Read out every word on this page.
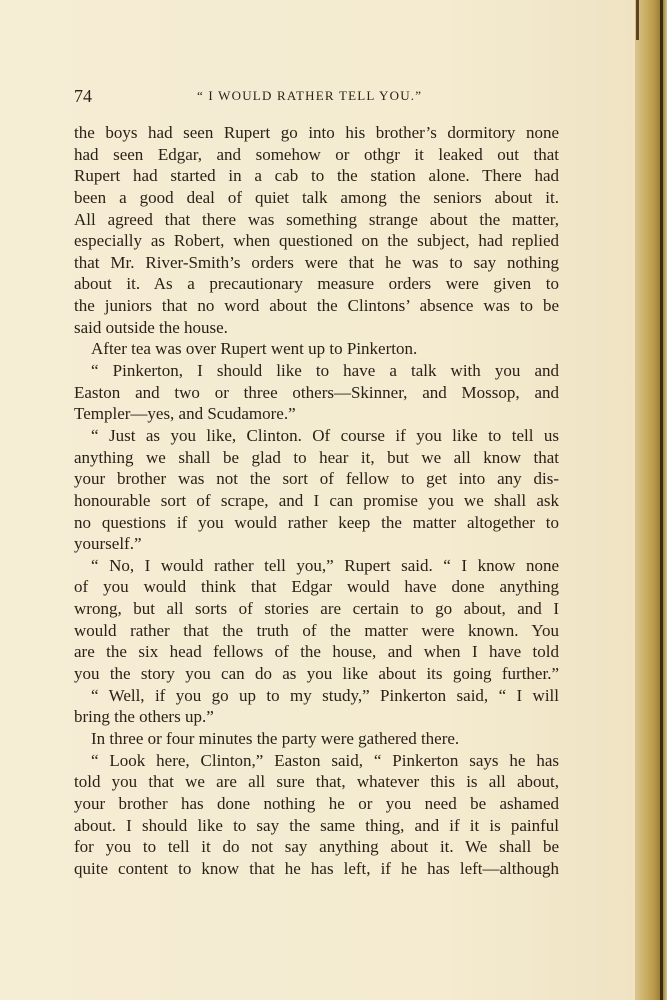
74	“ I WOULD RATHER TELL YOU.”
the boys had seen Rupert go into his brother’s dormitory none
had seen Edgar, and somehow or othgr it leaked out that
Rupert had started in a cab to the station alone. There had
been a good deal of quiet talk among the seniors about it.
All agreed that there was something strange about the matter,
especially as Robert, when questioned on the subject, had replied
that Mr. River-Smith’s orders were that he was to say nothing
about it. As a precautionary measure orders were given to
the juniors that no word about the Clintons’ absence was to be
said outside the house.
After tea was over Rupert went up to Pinkerton.
“ Pinkerton, I should like to have a talk with you and
Easton and two or three others—Skinner, and Mossop, and
Templer—yes, and Scudamore.”
“ Just as you like, Clinton. Of course if you like to tell us
anything we shall be glad to hear it, but we all know that
your brother was not the sort of fellow to get into any dis-
honourable sort of scrape, and I can promise you we shall ask
no questions if you would rather keep the matter altogether to
yourself.”
“ No, I would rather tell you,” Rupert said. “ I know none
of you would think that Edgar would have done anything
wrong, but all sorts of stories are certain to go about, and I
would rather that the truth of the matter were known. You
are the six head fellows of the house, and when I have told
you the story you can do as you like about its going further.”
“ Well, if you go up to my study,” Pinkerton said, “ I will
bring the others up.”
In three or four minutes the party were gathered there.
“ Look here, Clinton,” Easton said, “ Pinkerton says he has
told you that we are all sure that, whatever this is all about,
your brother has done nothing he or you need be ashamed
about. I should like to say the same thing, and if it is painful
for you to tell it do not say anything about it. We shall be
quite content to know that he has left, if he has left—although
